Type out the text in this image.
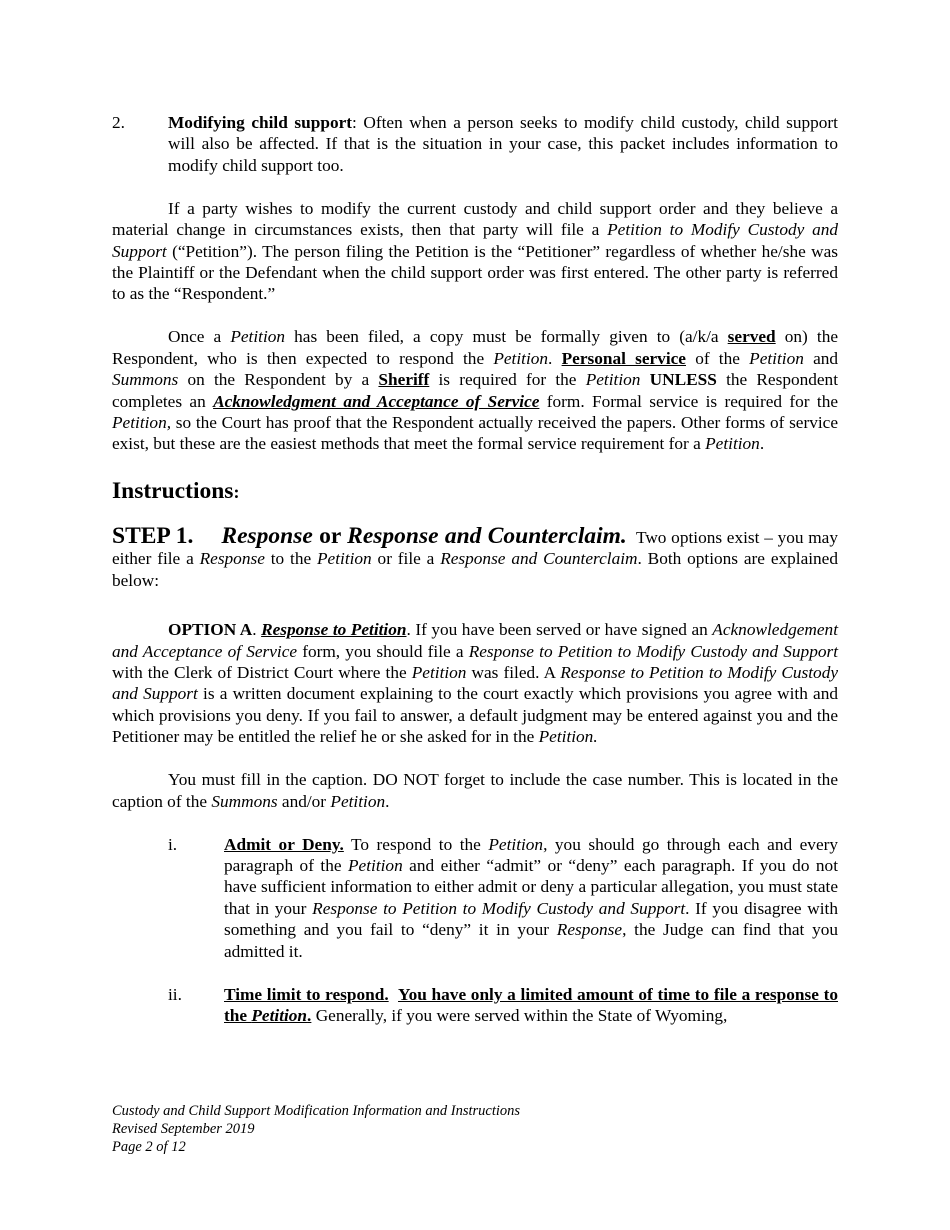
2. Modifying child support: Often when a person seeks to modify child custody, child support will also be affected. If that is the situation in your case, this packet includes information to modify child support too.

If a party wishes to modify the current custody and child support order and they believe a material change in circumstances exists, then that party will file a Petition to Modify Custody and Support (“Petition”). The person filing the Petition is the “Petitioner” regardless of whether he/she was the Plaintiff or the Defendant when the child support order was first entered. The other party is referred to as the “Respondent.”

Once a Petition has been filed, a copy must be formally given to (a/k/a served on) the Respondent, who is then expected to respond the Petition. Personal service of the Petition and Summons on the Respondent by a Sheriff is required for the Petition UNLESS the Respondent completes an Acknowledgment and Acceptance of Service form. Formal service is required for the Petition, so the Court has proof that the Respondent actually received the papers. Other forms of service exist, but these are the easiest methods that meet the formal service requirement for a Petition.

Instructions:

STEP 1. Response or Response and Counterclaim. Two options exist – you may either file a Response to the Petition or file a Response and Counterclaim. Both options are explained below:

OPTION A. Response to Petition. If you have been served or have signed an Acknowledgement and Acceptance of Service form, you should file a Response to Petition to Modify Custody and Support with the Clerk of District Court where the Petition was filed. A Response to Petition to Modify Custody and Support is a written document explaining to the court exactly which provisions you agree with and which provisions you deny. If you fail to answer, a default judgment may be entered against you and the Petitioner may be entitled the relief he or she asked for in the Petition.

You must fill in the caption. DO NOT forget to include the case number. This is located in the caption of the Summons and/or Petition.

i.	Admit or Deny. To respond to the Petition, you should go through each and every paragraph of the Petition and either “admit” or “deny” each paragraph. If you do not have sufficient information to either admit or deny a particular allegation, you must state that in your Response to Petition to Modify Custody and Support. If you disagree with something and you fail to “deny” it in your Response, the Judge can find that you admitted it.

ii. Time limit to respond. You have only a limited amount of time to file a response to the Petition. Generally, if you were served within the State of Wyoming,

Custody and Child Support Modification Information and Instructions
Revised September 2019
Page 2 of 12
